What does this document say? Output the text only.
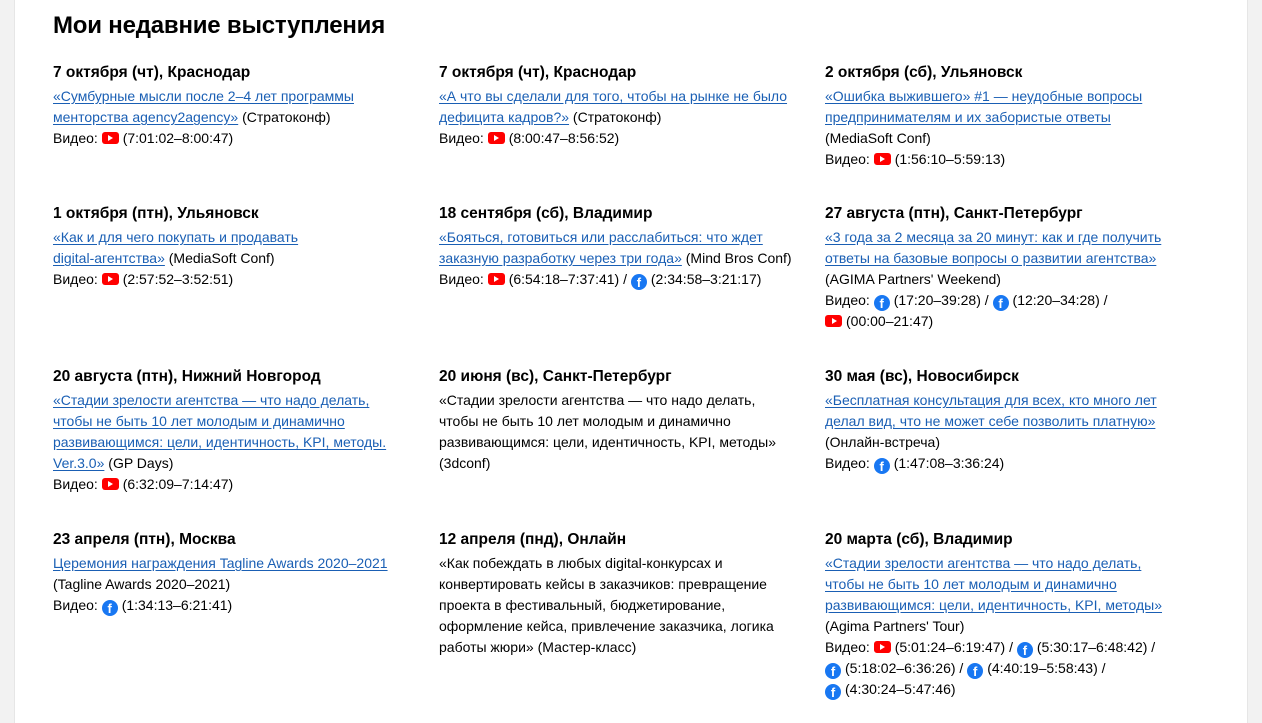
Мои недавние выступления
7 октября (чт), Краснодар
«Сумбурные мысли после 2–4 лет программы
менторства agency2agency» (Стратоконф)
Видео: (7:01:02–8:00:47)
7 октября (чт), Краснодар
«А что вы сделали для того, чтобы на рынке не было
дефицита кадров?» (Стратоконф)
Видео: (8:00:47–8:56:52)
2 октября (сб), Ульяновск
«Ошибка выжившего» #1 — неудобные вопросы
предпринимателям и их забористые ответы
(MediaSoft Conf)
Видео: (1:56:10–5:59:13)
1 октября (птн), Ульяновск
«Как и для чего покупать и продавать
digital-агентства» (MediaSoft Conf)
Видео: (2:57:52–3:52:51)
18 сентября (сб), Владимир
«Бояться, готовиться или расслабиться: что ждет
заказную разработку через три года» (Mind Bros Conf)
Видео: (6:54:18–7:37:41) / f (2:34:58–3:21:17)
27 августа (птн), Санкт-Петербург
«3 года за 2 месяца за 20 минут: как и где получить
ответы на базовые вопросы о развитии агентства»
(AGIMA Partners' Weekend)
Видео: f (17:20–39:28) / f (12:20–34:28) /
(00:00–21:47)
20 августа (птн), Нижний Новгород
«Стадии зрелости агентства — что надо делать,
чтобы не быть 10 лет молодым и динамично
развивающимся: цели, идентичность, KPI, методы.
Ver.3.0» (GP Days)
Видео: (6:32:09–7:14:47)
20 июня (вс), Санкт-Петербург
«Стадии зрелости агентства — что надо делать,
чтобы не быть 10 лет молодым и динамично
развивающимся: цели, идентичность, KPI, методы»
(3dconf)
30 мая (вс), Новосибирск
«Бесплатная консультация для всех, кто много лет
делал вид, что не может себе позволить платную»
(Онлайн-встреча)
Видео: f (1:47:08–3:36:24)
23 апреля (птн), Москва
Церемония награждения Tagline Awards 2020–2021
(Tagline Awards 2020–2021)
Видео: f (1:34:13–6:21:41)
12 апреля (пнд), Онлайн
«Как побеждать в любых digital-конкурсах и
конвертировать кейсы в заказчиков: превращение
проекта в фестивальный, бюджетирование,
оформление кейса, привлечение заказчика, логика
работы жюри» (Мастер-класс)
20 марта (сб), Владимир
«Стадии зрелости агентства — что надо делать,
чтобы не быть 10 лет молодым и динамично
развивающимся: цели, идентичность, KPI, методы»
(Agima Partners' Tour)
Видео: (5:01:24–6:19:47) / f (5:30:17–6:48:42) /
f (5:18:02–6:36:26) / f (4:40:19–5:58:43) /
f (4:30:24–5:47:46)
